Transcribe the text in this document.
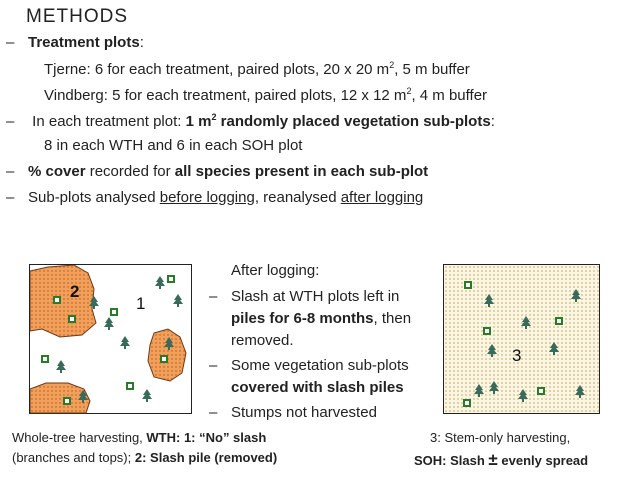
METHODS
– Treatment plots:
Tjerne: 6 for each treatment, paired plots, 20 x 20 $m^2$, 5 m buffer
Vindberg: 5 for each treatment, paired plots, 12 x 12 $m^2$, 4 m buffer
– In each treatment plot: 1 $m^2$ randomly placed vegetation sub-plots:
8 in each WTH and 6 in each SOH plot
– % cover recorded for all species present in each sub-plot
– Sub-plots analysed before logging, reanalysed after logging
2
1
After logging:
– Slash at WTH plots left in
piles for 6-8 months, then
removed.
– Some vegetation sub-plots
covered with slash piles
– Stumps not harvested
3
Whole-tree harvesting, WTH: 1: “No” slash
(branches and tops); 2: Slash pile (removed)
3: Stem-only harvesting,
SOH: Slash ± evenly spread
